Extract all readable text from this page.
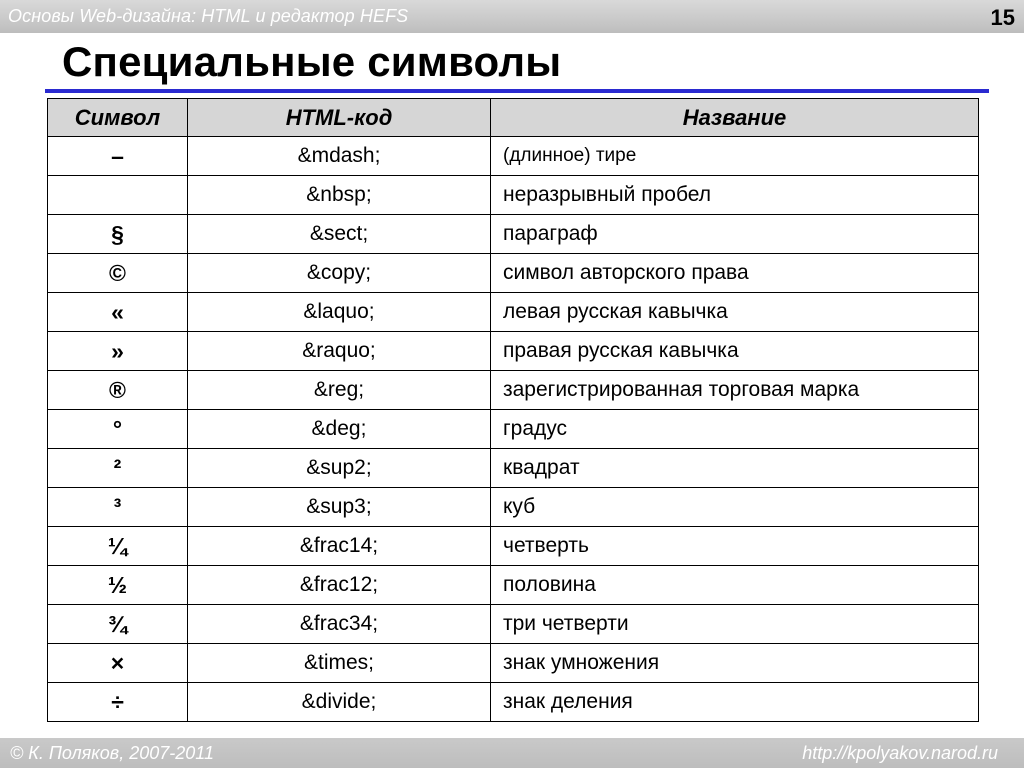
Основы Web-дизайна: HTML и редактор HEFS	15
Специальные символы
Символ	HTML-код	Название
–	&mdash;	(длинное) тире
	&nbsp;	неразрывный пробел
§	&sect;	параграф
©	&copy;	символ авторского права
«	&laquo;	левая русская кавычка
»	&raquo;	правая русская кавычка
®	&reg;	зарегистрированная торговая марка
°	&deg;	градус
²	&sup2;	квадрат
³	&sup3;	куб
¼	&frac14;	четверть
½	&frac12;	половина
¾	&frac34;	три четверти
×	&times;	знак умножения
÷	&divide;	знак деления
© К. Поляков, 2007-2011	http://kpolyakov.narod.ru
